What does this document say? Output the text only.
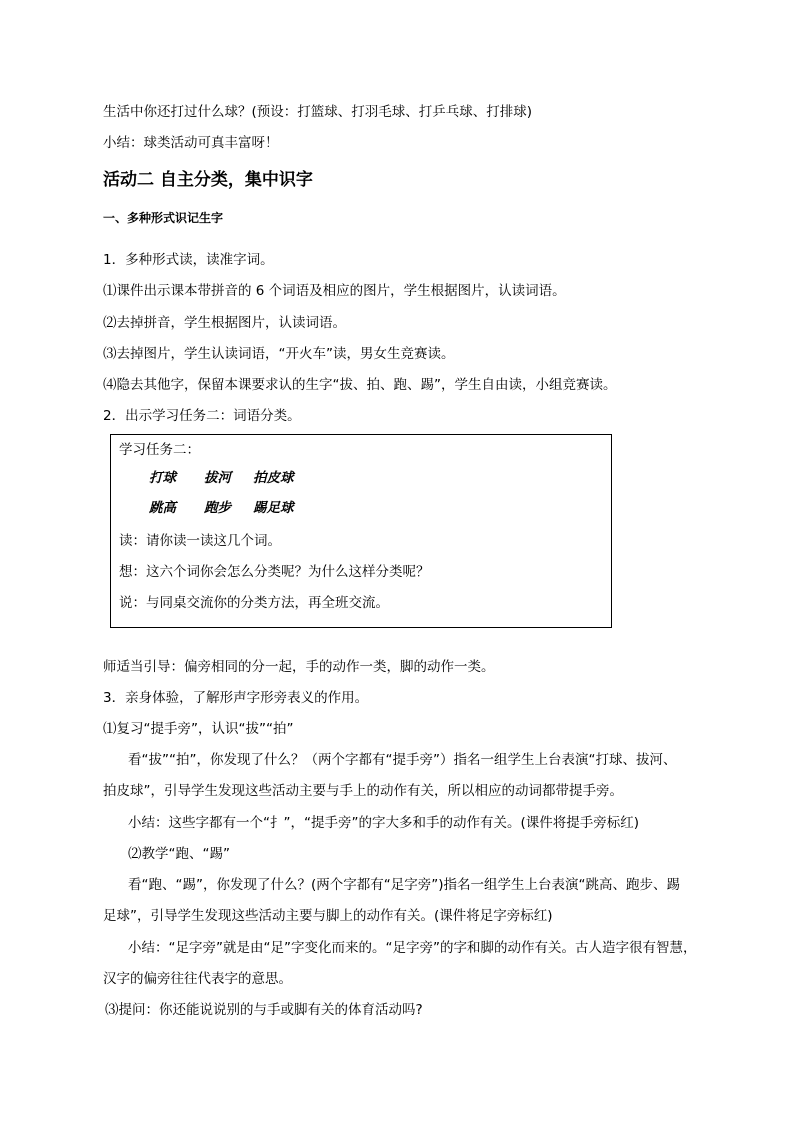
生活中你还打过什么球？(预设：打篮球、打羽毛球、打乒乓球、打排球)
小结：球类活动可真丰富呀！
活动二 自主分类，集中识字
一、多种形式识记生字
1．多种形式读，读准字词。
⑴课件出示课本带拼音的 6 个词语及相应的图片，学生根据图片，认读词语。
⑵去掉拼音，学生根据图片，认读词语。
⑶去掉图片，学生认读词语，“开火车”读，男女生竞赛读。
⑷隐去其他字，保留本课要求认的生字“拔、拍、跑、踢”，学生自由读，小组竞赛读。
2．出示学习任务二：词语分类。
学习任务二：
打球 拔河 拍皮球
跳高 跑步 踢足球
读：请你读一读这几个词。
想：这六个词你会怎么分类呢？为什么这样分类呢？
说：与同桌交流你的分类方法，再全班交流。
师适当引导：偏旁相同的分一起，手的动作一类，脚的动作一类。
3．亲身体验，了解形声字形旁表义的作用。
⑴复习“提手旁”，认识“拔”“拍”
看“拔”“拍”，你发现了什么？（两个字都有“提手旁”）指名一组学生上台表演“打球、拔河、
拍皮球”，引导学生发现这些活动主要与手上的动作有关，所以相应的动词都带提手旁。
小结：这些字都有一个“扌”，“提手旁”的字大多和手的动作有关。(课件将提手旁标红)
⑵教学“跑、“踢”
看“跑、“踢”，你发现了什么？(两个字都有“足字旁”)指名一组学生上台表演“跳高、跑步、踢
足球”，引导学生发现这些活动主要与脚上的动作有关。(课件将足字旁标红)
小结：“足字旁”就是由“足”字变化而来的。“足字旁”的字和脚的动作有关。古人造字很有智慧，
汉字的偏旁往往代表字的意思。
⑶提问：你还能说说别的与手或脚有关的体育活动吗?
